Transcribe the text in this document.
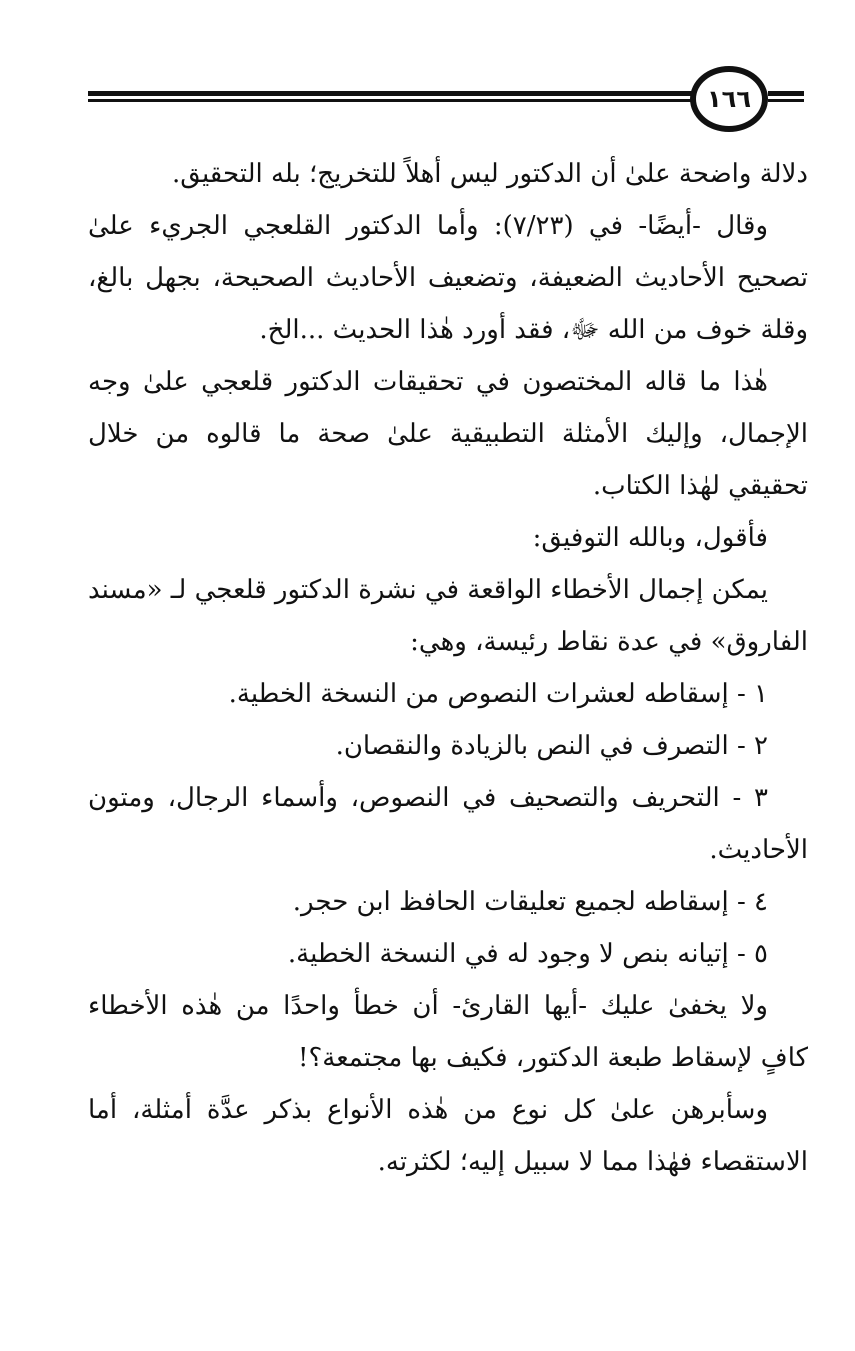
١٦٦

دلالة واضحة علىٰ أن الدكتور ليس أهلاً للتخريج؛ بله التحقيق.

وقال -أيضًا- في (٧/٢٣): وأما الدكتور القلعجي الجريء علىٰ تصحيح الأحاديث الضعيفة، وتضعيف الأحاديث الصحيحة، بجهل بالغ، وقلة خوف من الله ﷻ، فقد أورد هٰذا الحديث ...الخ.

هٰذا ما قاله المختصون في تحقيقات الدكتور قلعجي علىٰ وجه الإجمال، وإليك الأمثلة التطبيقية علىٰ صحة ما قالوه من خلال تحقيقي لهٰذا الكتاب.

فأقول، وبالله التوفيق:

يمكن إجمال الأخطاء الواقعة في نشرة الدكتور قلعجي لـ «مسند الفاروق» في عدة نقاط رئيسة، وهي:

١ - إسقاطه لعشرات النصوص من النسخة الخطية.

٢ - التصرف في النص بالزيادة والنقصان.

٣ - التحريف والتصحيف في النصوص، وأسماء الرجال، ومتون الأحاديث.

٤ - إسقاطه لجميع تعليقات الحافظ ابن حجر.

٥ - إتيانه بنص لا وجود له في النسخة الخطية.

ولا يخفىٰ عليك -أيها القارئ- أن خطأ واحدًا من هٰذه الأخطاء كافٍ لإسقاط طبعة الدكتور، فكيف بها مجتمعة؟!

وسأبرهن علىٰ كل نوع من هٰذه الأنواع بذكر عدَّة أمثلة، أما الاستقصاء فهٰذا مما لا سبيل إليه؛ لكثرته.
